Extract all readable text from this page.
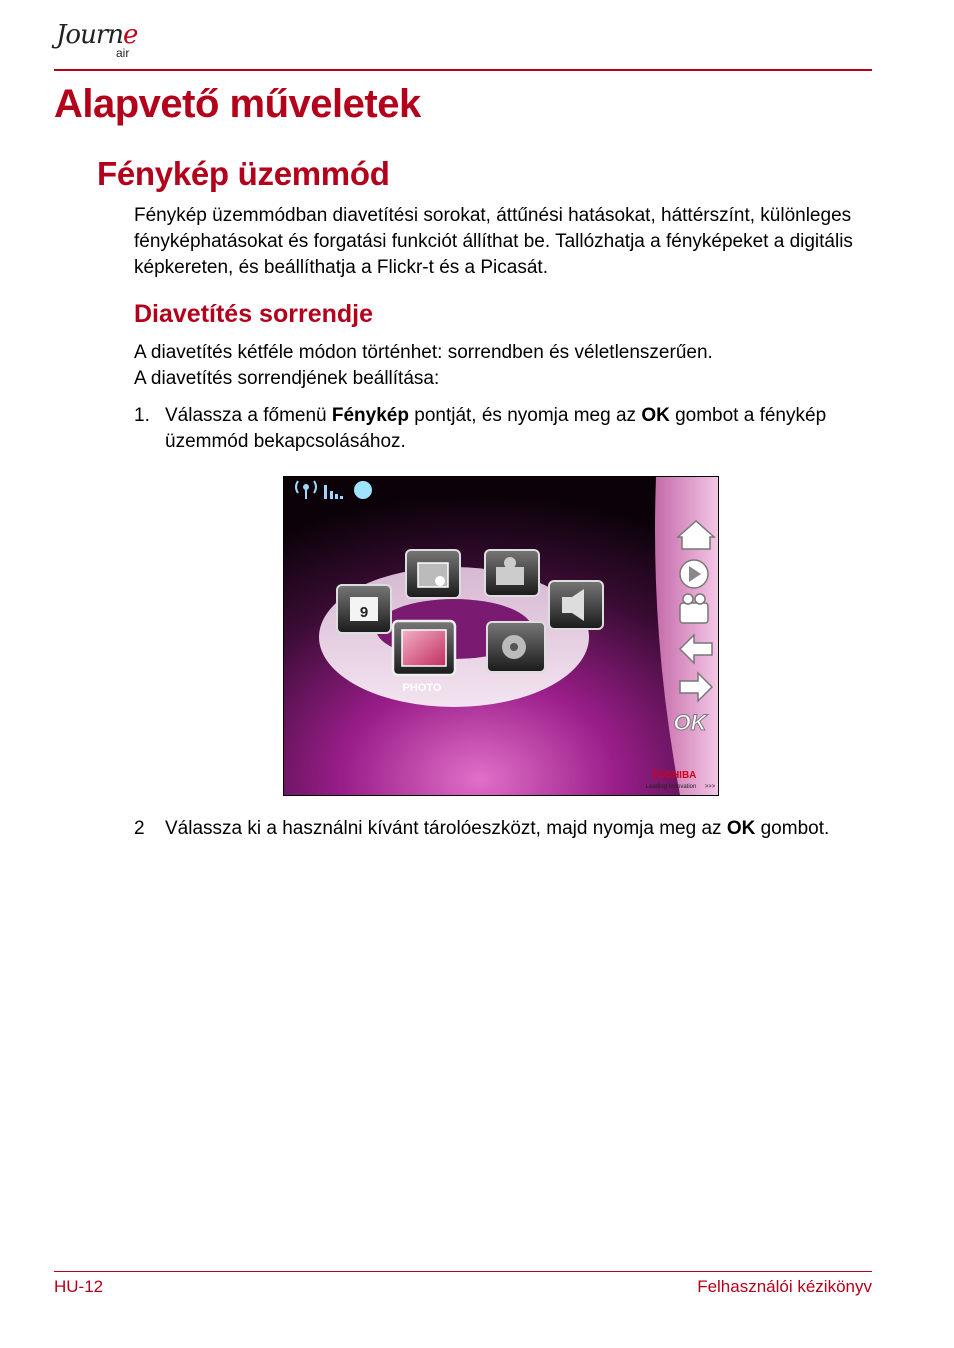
Journe
air
Alapvető műveletek
Fénykép üzemmód

Fénykép üzemmódban diavetítési sorokat, áttűnési hatásokat, háttérszínt, különleges fényképhatásokat és forgatási funkciót állíthat be. Tallózhatja a fényképeket a digitális képkereten, és beállíthatja a Flickr-t és a Picasát.

Diavetítés sorrendje
A diavetítés kétféle módon történhet: sorrendben és véletlenszerűen.
A diavetítés sorrendjének beállítása:
1. Válassza a főmenü Fénykép pontját, és nyomja meg az OK gombot a fénykép üzemmód bekapcsolásához.
9
PHOTO
OK
TOSHIBA
Leading Innovation >>>
2 Válassza ki a használni kívánt tárolóeszközt, majd nyomja meg az OK gombot.
HU-12	Felhasználói kézikönyv
